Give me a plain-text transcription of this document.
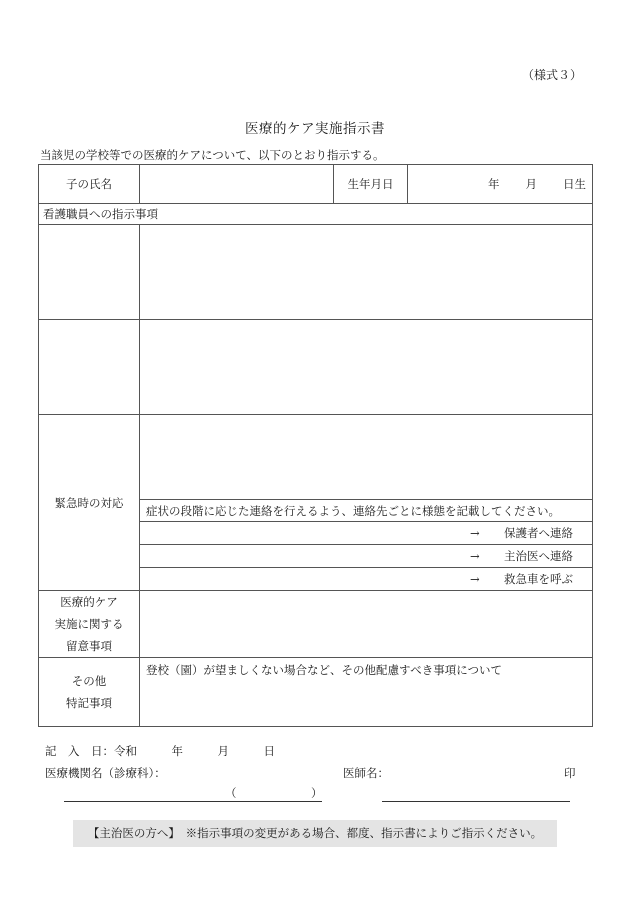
（様式３）
医療的ケア実施指示書
当該児の学校等での医療的ケアについて、以下のとおり指示する。
子の氏名		生年月日	年 月 日生

看護職員への指示事項			

緊急時の対応			
	症状の段階に応じた連絡を行えるよう、連絡先ごとに様態を記載してください。		
	→ 保護者へ連絡		
	→ 主治医へ連絡		
	→ 救急車を呼ぶ		

医療的ケア
実施に関する
留意事項			

その他
特記事項	登校（園）が望ましくない場合など、その他配慮すべき事項について		
記　入　日：令和　　　年　　　月　　　日
医療機関名（診療科）：
（	）
医師名：	印
【主治医の方へ】　※指示事項の変更がある場合、都度、指示書によりご指示ください。
